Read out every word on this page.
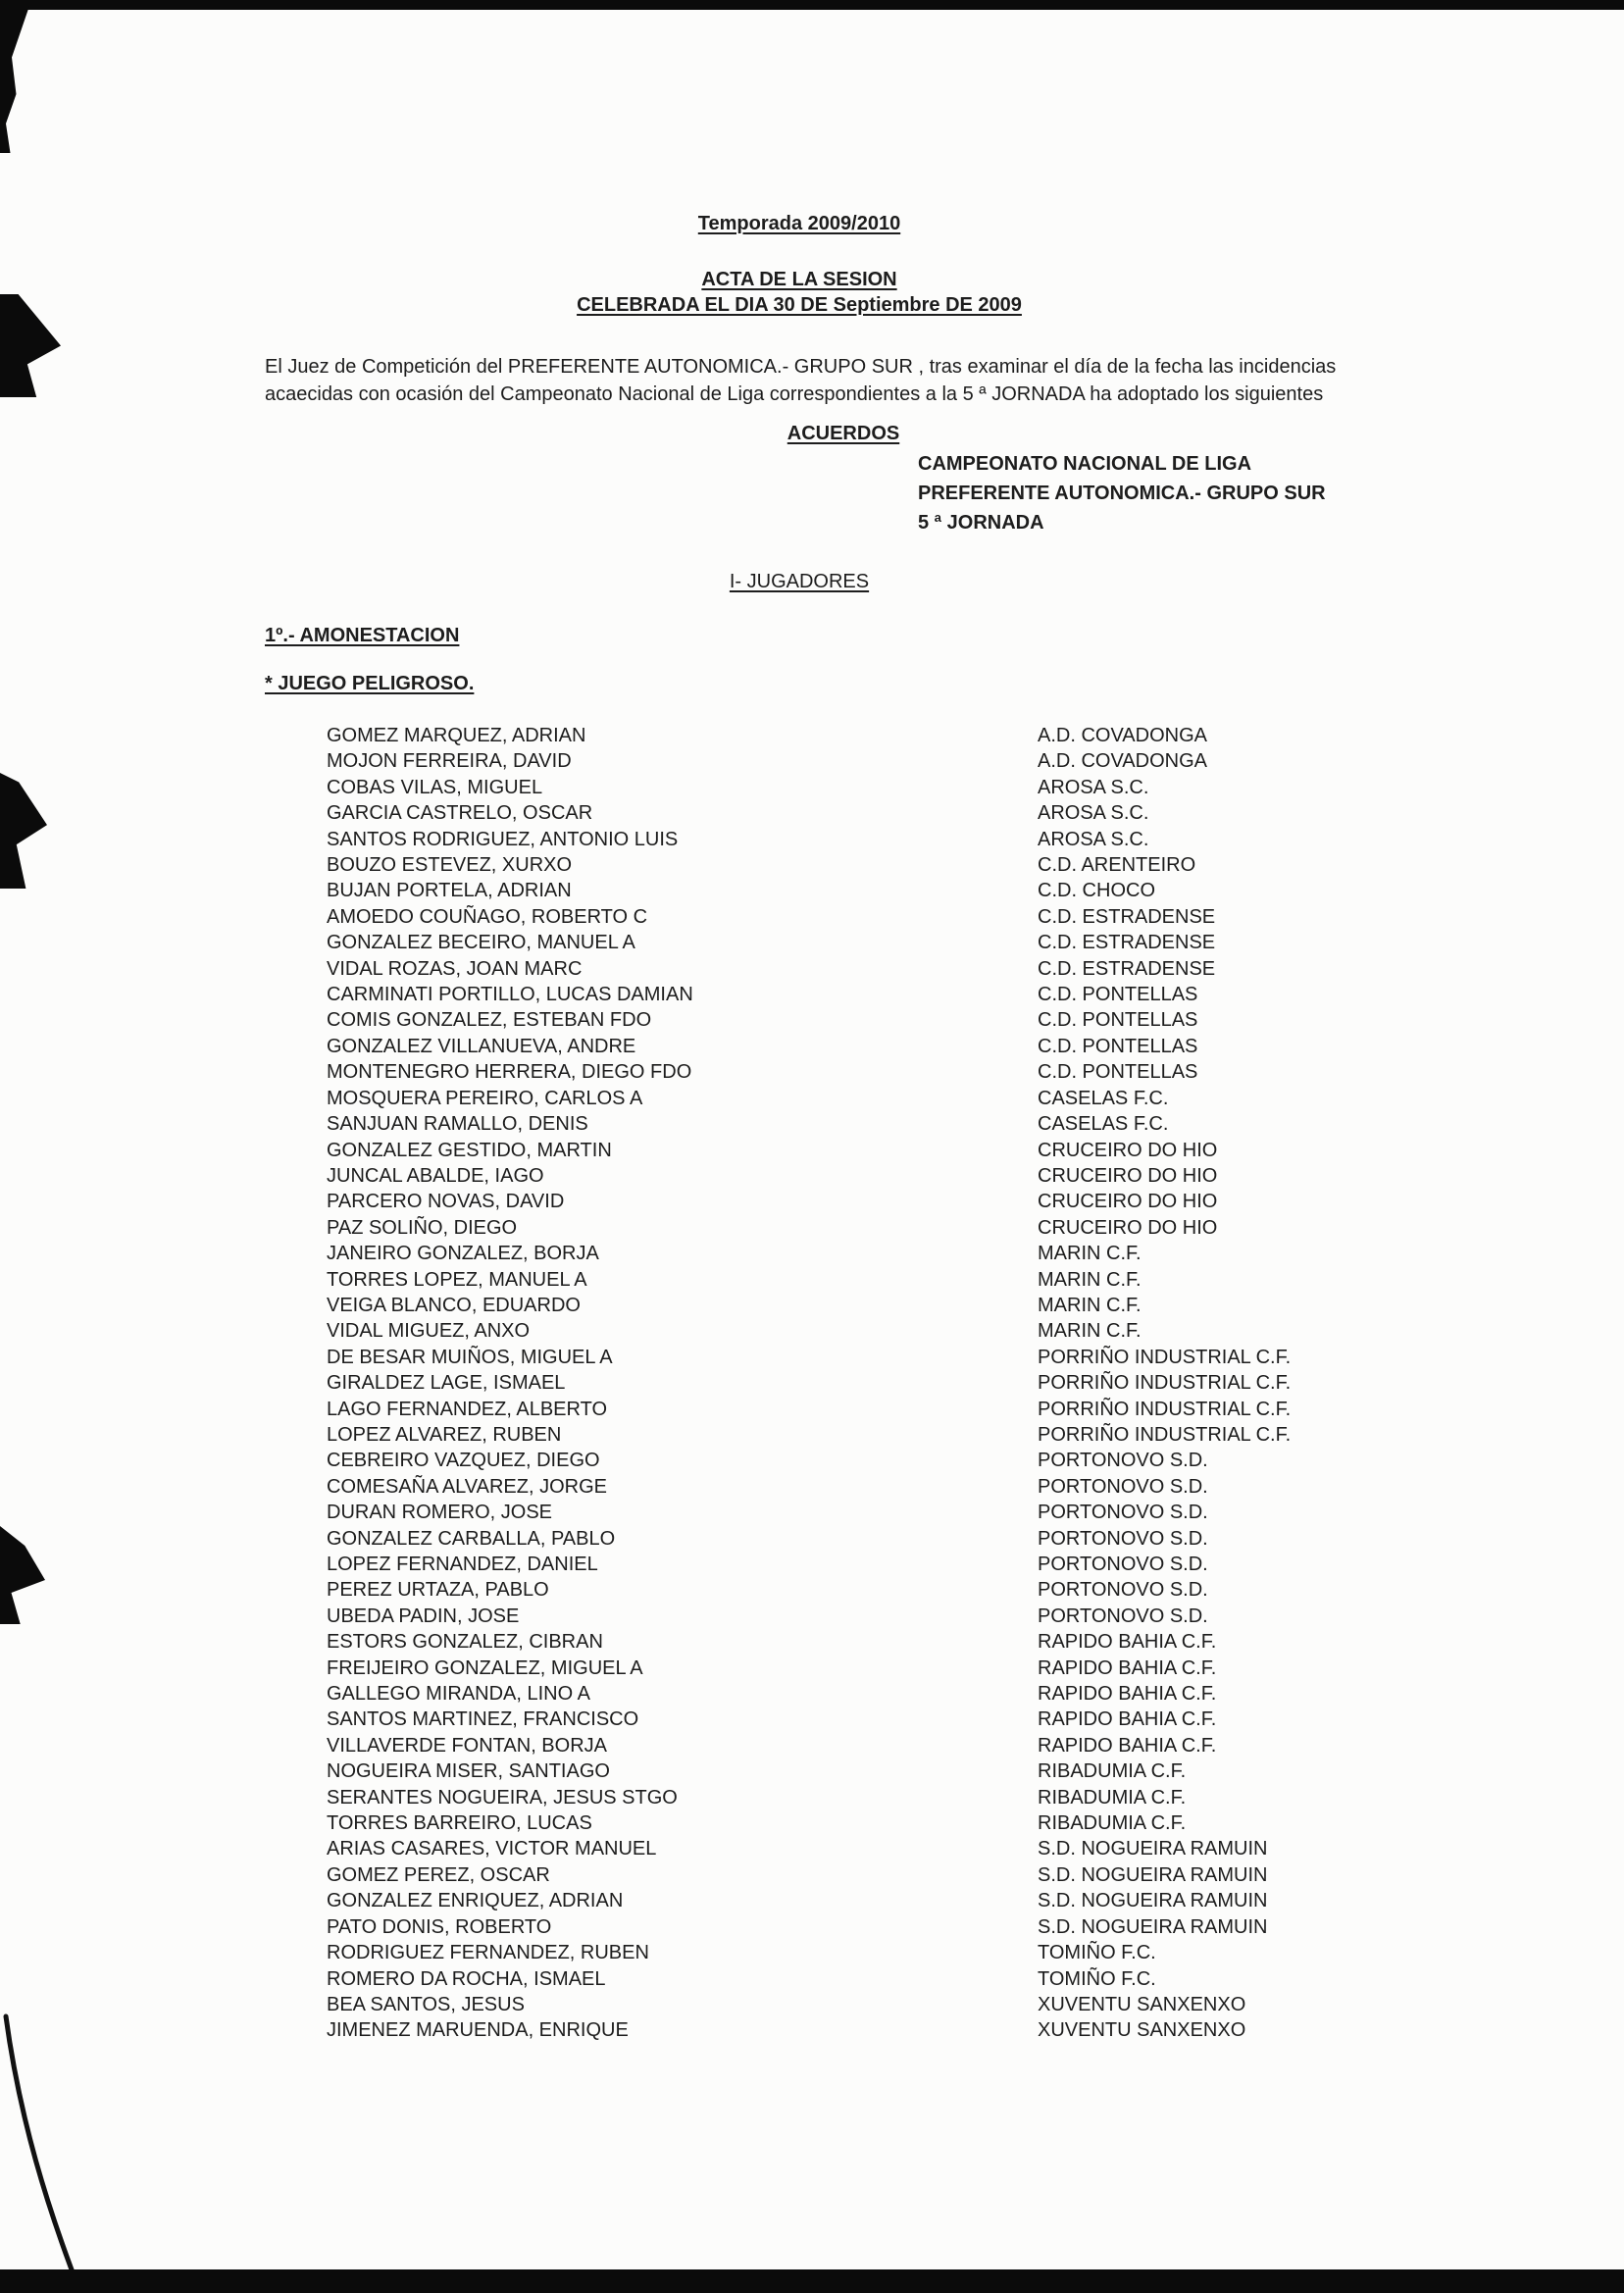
Temporada 2009/2010
ACTA DE LA SESION
CELEBRADA EL DIA 30 DE Septiembre DE 2009
El Juez de Competición del PREFERENTE AUTONOMICA.- GRUPO SUR , tras examinar el día de la fecha las incidencias
acaecidas con ocasión del Campeonato Nacional de Liga correspondientes a la 5 ª JORNADA ha adoptado los siguientes
ACUERDOS
CAMPEONATO NACIONAL DE LIGA
PREFERENTE AUTONOMICA.- GRUPO SUR
5 ª JORNADA
I- JUGADORES
1º.- AMONESTACION
* JUEGO PELIGROSO.
GOMEZ MARQUEZ, ADRIAN	A.D. COVADONGA
MOJON FERREIRA, DAVID	A.D. COVADONGA
COBAS VILAS, MIGUEL	AROSA S.C.
GARCIA CASTRELO, OSCAR	AROSA S.C.
SANTOS RODRIGUEZ, ANTONIO LUIS	AROSA S.C.
BOUZO ESTEVEZ, XURXO	C.D. ARENTEIRO
BUJAN PORTELA, ADRIAN	C.D. CHOCO
AMOEDO COUÑAGO, ROBERTO C	C.D. ESTRADENSE
GONZALEZ BECEIRO, MANUEL A	C.D. ESTRADENSE
VIDAL ROZAS, JOAN MARC	C.D. ESTRADENSE
CARMINATI PORTILLO, LUCAS DAMIAN	C.D. PONTELLAS
COMIS GONZALEZ, ESTEBAN FDO	C.D. PONTELLAS
GONZALEZ VILLANUEVA, ANDRE	C.D. PONTELLAS
MONTENEGRO HERRERA, DIEGO FDO	C.D. PONTELLAS
MOSQUERA PEREIRO, CARLOS A	CASELAS F.C.
SANJUAN RAMALLO, DENIS	CASELAS F.C.
GONZALEZ GESTIDO, MARTIN	CRUCEIRO DO HIO
JUNCAL ABALDE, IAGO	CRUCEIRO DO HIO
PARCERO NOVAS, DAVID	CRUCEIRO DO HIO
PAZ SOLIÑO, DIEGO	CRUCEIRO DO HIO
JANEIRO GONZALEZ, BORJA	MARIN C.F.
TORRES LOPEZ, MANUEL A	MARIN C.F.
VEIGA BLANCO, EDUARDO	MARIN C.F.
VIDAL MIGUEZ, ANXO	MARIN C.F.
DE BESAR MUIÑOS, MIGUEL A	PORRIÑO INDUSTRIAL C.F.
GIRALDEZ LAGE, ISMAEL	PORRIÑO INDUSTRIAL C.F.
LAGO FERNANDEZ, ALBERTO	PORRIÑO INDUSTRIAL C.F.
LOPEZ ALVAREZ, RUBEN	PORRIÑO INDUSTRIAL C.F.
CEBREIRO VAZQUEZ, DIEGO	PORTONOVO S.D.
COMESAÑA ALVAREZ, JORGE	PORTONOVO S.D.
DURAN ROMERO, JOSE	PORTONOVO S.D.
GONZALEZ CARBALLA, PABLO	PORTONOVO S.D.
LOPEZ FERNANDEZ, DANIEL	PORTONOVO S.D.
PEREZ URTAZA, PABLO	PORTONOVO S.D.
UBEDA PADIN, JOSE	PORTONOVO S.D.
ESTORS GONZALEZ, CIBRAN	RAPIDO BAHIA C.F.
FREIJEIRO GONZALEZ, MIGUEL A	RAPIDO BAHIA C.F.
GALLEGO MIRANDA, LINO A	RAPIDO BAHIA C.F.
SANTOS MARTINEZ, FRANCISCO	RAPIDO BAHIA C.F.
VILLAVERDE FONTAN, BORJA	RAPIDO BAHIA C.F.
NOGUEIRA MISER, SANTIAGO	RIBADUMIA C.F.
SERANTES NOGUEIRA, JESUS STGO	RIBADUMIA C.F.
TORRES BARREIRO, LUCAS	RIBADUMIA C.F.
ARIAS CASARES, VICTOR MANUEL	S.D. NOGUEIRA RAMUIN
GOMEZ PEREZ, OSCAR	S.D. NOGUEIRA RAMUIN
GONZALEZ ENRIQUEZ, ADRIAN	S.D. NOGUEIRA RAMUIN
PATO DONIS, ROBERTO	S.D. NOGUEIRA RAMUIN
RODRIGUEZ FERNANDEZ, RUBEN	TOMIÑO F.C.
ROMERO DA ROCHA, ISMAEL	TOMIÑO F.C.
BEA SANTOS, JESUS	XUVENTU SANXENXO
JIMENEZ MARUENDA, ENRIQUE	XUVENTU SANXENXO
